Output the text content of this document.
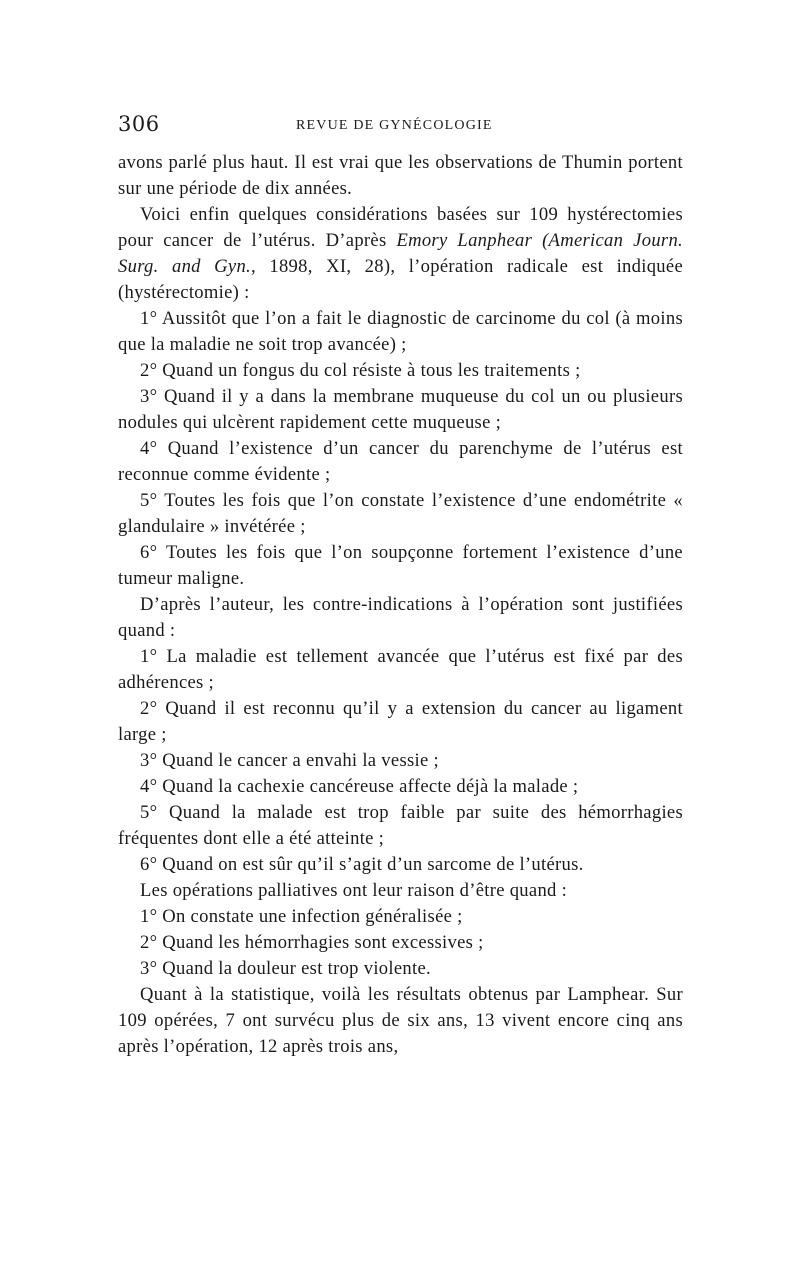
306	REVUE DE GYNÉCOLOGIE

avons parlé plus haut. Il est vrai que les observations de Thumin portent sur une période de dix années.

Voici enfin quelques considérations basées sur 109 hystérectomies pour cancer de l’utérus. D’après Emory Lanphear (American Journ. Surg. and Gyn., 1898, XI, 28), l’opération radicale est indiquée (hystérectomie) :

1° Aussitôt que l’on a fait le diagnostic de carcinome du col (à moins que la maladie ne soit trop avancée) ;

2° Quand un fongus du col résiste à tous les traitements ;

3° Quand il y a dans la membrane muqueuse du col un ou plusieurs nodules qui ulcèrent rapidement cette muqueuse ;

4° Quand l’existence d’un cancer du parenchyme de l’utérus est reconnue comme évidente ;

5° Toutes les fois que l’on constate l’existence d’une endométrite « glandulaire » invétérée ;

6° Toutes les fois que l’on soupçonne fortement l’existence d’une tumeur maligne.

D’après l’auteur, les contre-indications à l’opération sont justifiées quand :

1° La maladie est tellement avancée que l’utérus est fixé par des adhérences ;

2° Quand il est reconnu qu’il y a extension du cancer au ligament large ;

3° Quand le cancer a envahi la vessie ;

4° Quand la cachexie cancéreuse affecte déjà la malade ;

5° Quand la malade est trop faible par suite des hémorrhagies fréquentes dont elle a été atteinte ;

6° Quand on est sûr qu’il s’agit d’un sarcome de l’utérus.

Les opérations palliatives ont leur raison d’être quand :

1° On constate une infection généralisée ;

2° Quand les hémorrhagies sont excessives ;

3° Quand la douleur est trop violente.

Quant à la statistique, voilà les résultats obtenus par Lamphear. Sur 109 opérées, 7 ont survécu plus de six ans, 13 vivent encore cinq ans après l’opération, 12 après trois ans,
